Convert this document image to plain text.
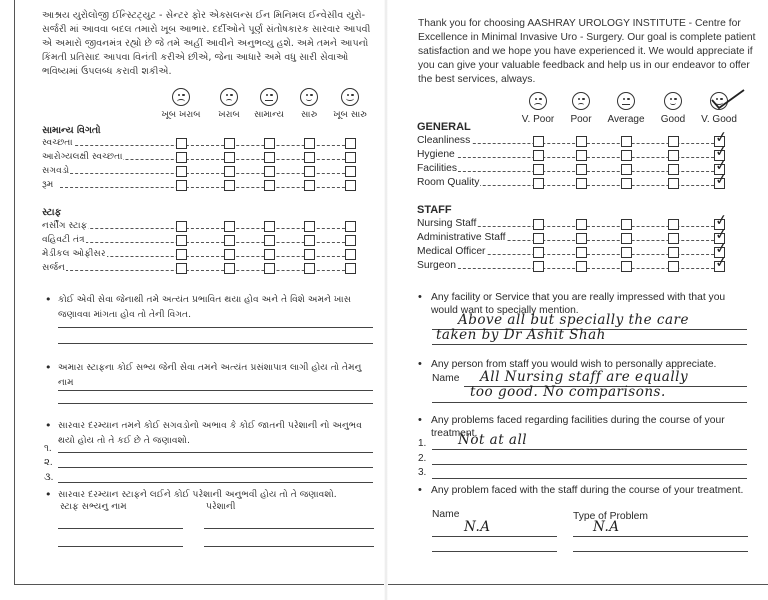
આશ્રય યુરોલોજી ઈન્સ્ટિટ્યુટ - સેન્ટર ફોર એક્સલન્સ ઈન મિનિમલ ઈન્વેસીવ યુરો-સર્જરી માં આવવા બદલ તમારો ખૂબ આભાર. દર્દીઓને પૂર્ણ સંતોષકારક સારવાર આપવી એ અમારો જીવનમંત્ર રહ્યો છે જે તમે અહીં આવીને અનુભવ્યુ હશે. અમે તમને આપનો કિંમતી પ્રતિસાદ આપવા વિનંતી કરીએ છીએ, જેના આધારે અમે વધુ સારી સેવાઓ ભવિષ્યમાં ઉપલબ્ધ કરાવી શકીએ.
ખૂબ ખરાબ	ખરાબ	સામાન્ય	સારુ	ખૂબ સારુ
સામાન્ય વિગતો
સ્વચ્છતા
આરોગ્યલક્ષી સ્વચ્છતા
સગવડો
રૂમ
સ્ટાફ
નર્સીંગ સ્ટાફ
વહિવટી તંત્ર
મેડીકલ ઓફીસર
સર્જન
• કોઈ એવી સેવા જેનાથી તમે અત્યંત પ્રભાવિત થયા હોવ અને તે વિશે અમને ખાસ જણાવવા માંગતા હોવ તો તેની વિગત.
• અમારા સ્ટાફના કોઈ સભ્ય જેની સેવા તમને અત્યંત પ્રસંશાપાત્ર લાગી હોય તો તેમનુ નામ
• સારવાર દરમ્યાન તમને કોઈ સગવડોનો અભાવ કે કોઈ જાતની પરેશાની નો અનુભવ થયો હોય તો તે કઈ છે તે જણાવશો.
૧.
૨.
૩.
• સારવાર દરમ્યાન સ્ટાફને લઈને કોઈ પરેશાની અનુભવી હોય તો તે જણાવશો.
સ્ટાફ સભ્યનુ નામ	પરેશાની
Thank you for choosing AASHRAY UROLOGY INSTITUTE - Centre for Excellence in Minimal Invasive Uro - Surgery. Our goal is complete patient satisfaction and we hope you have experienced it. We would appreciate if you can give your valuable feedback and help us in our endeavor to offer the best services, always.
V. Poor	Poor	Average	Good	V. Good
GENERAL
Cleanliness	✓
Hygiene	✓
Facilities	✓
Room Quality	✓
STAFF
Nursing Staff	✓
Administrative Staff	✓
Medical Officer	✓
Surgeon	✓
• Any facility or Service that you are really impressed with that you would want to specially mention.
Above all but specially the care
taken by Dr Ashit Shah
• Any person from staff you would wish to personally appreciate.
Name All Nursing staff are equally
too good. No comparisons.
• Any problems faced regarding facilities during the course of your treatment.
Not at all
1.
2.
3.
• Any problem faced with the staff during the course of your treatment.
Name	Type of Problem
N.A	N.A
